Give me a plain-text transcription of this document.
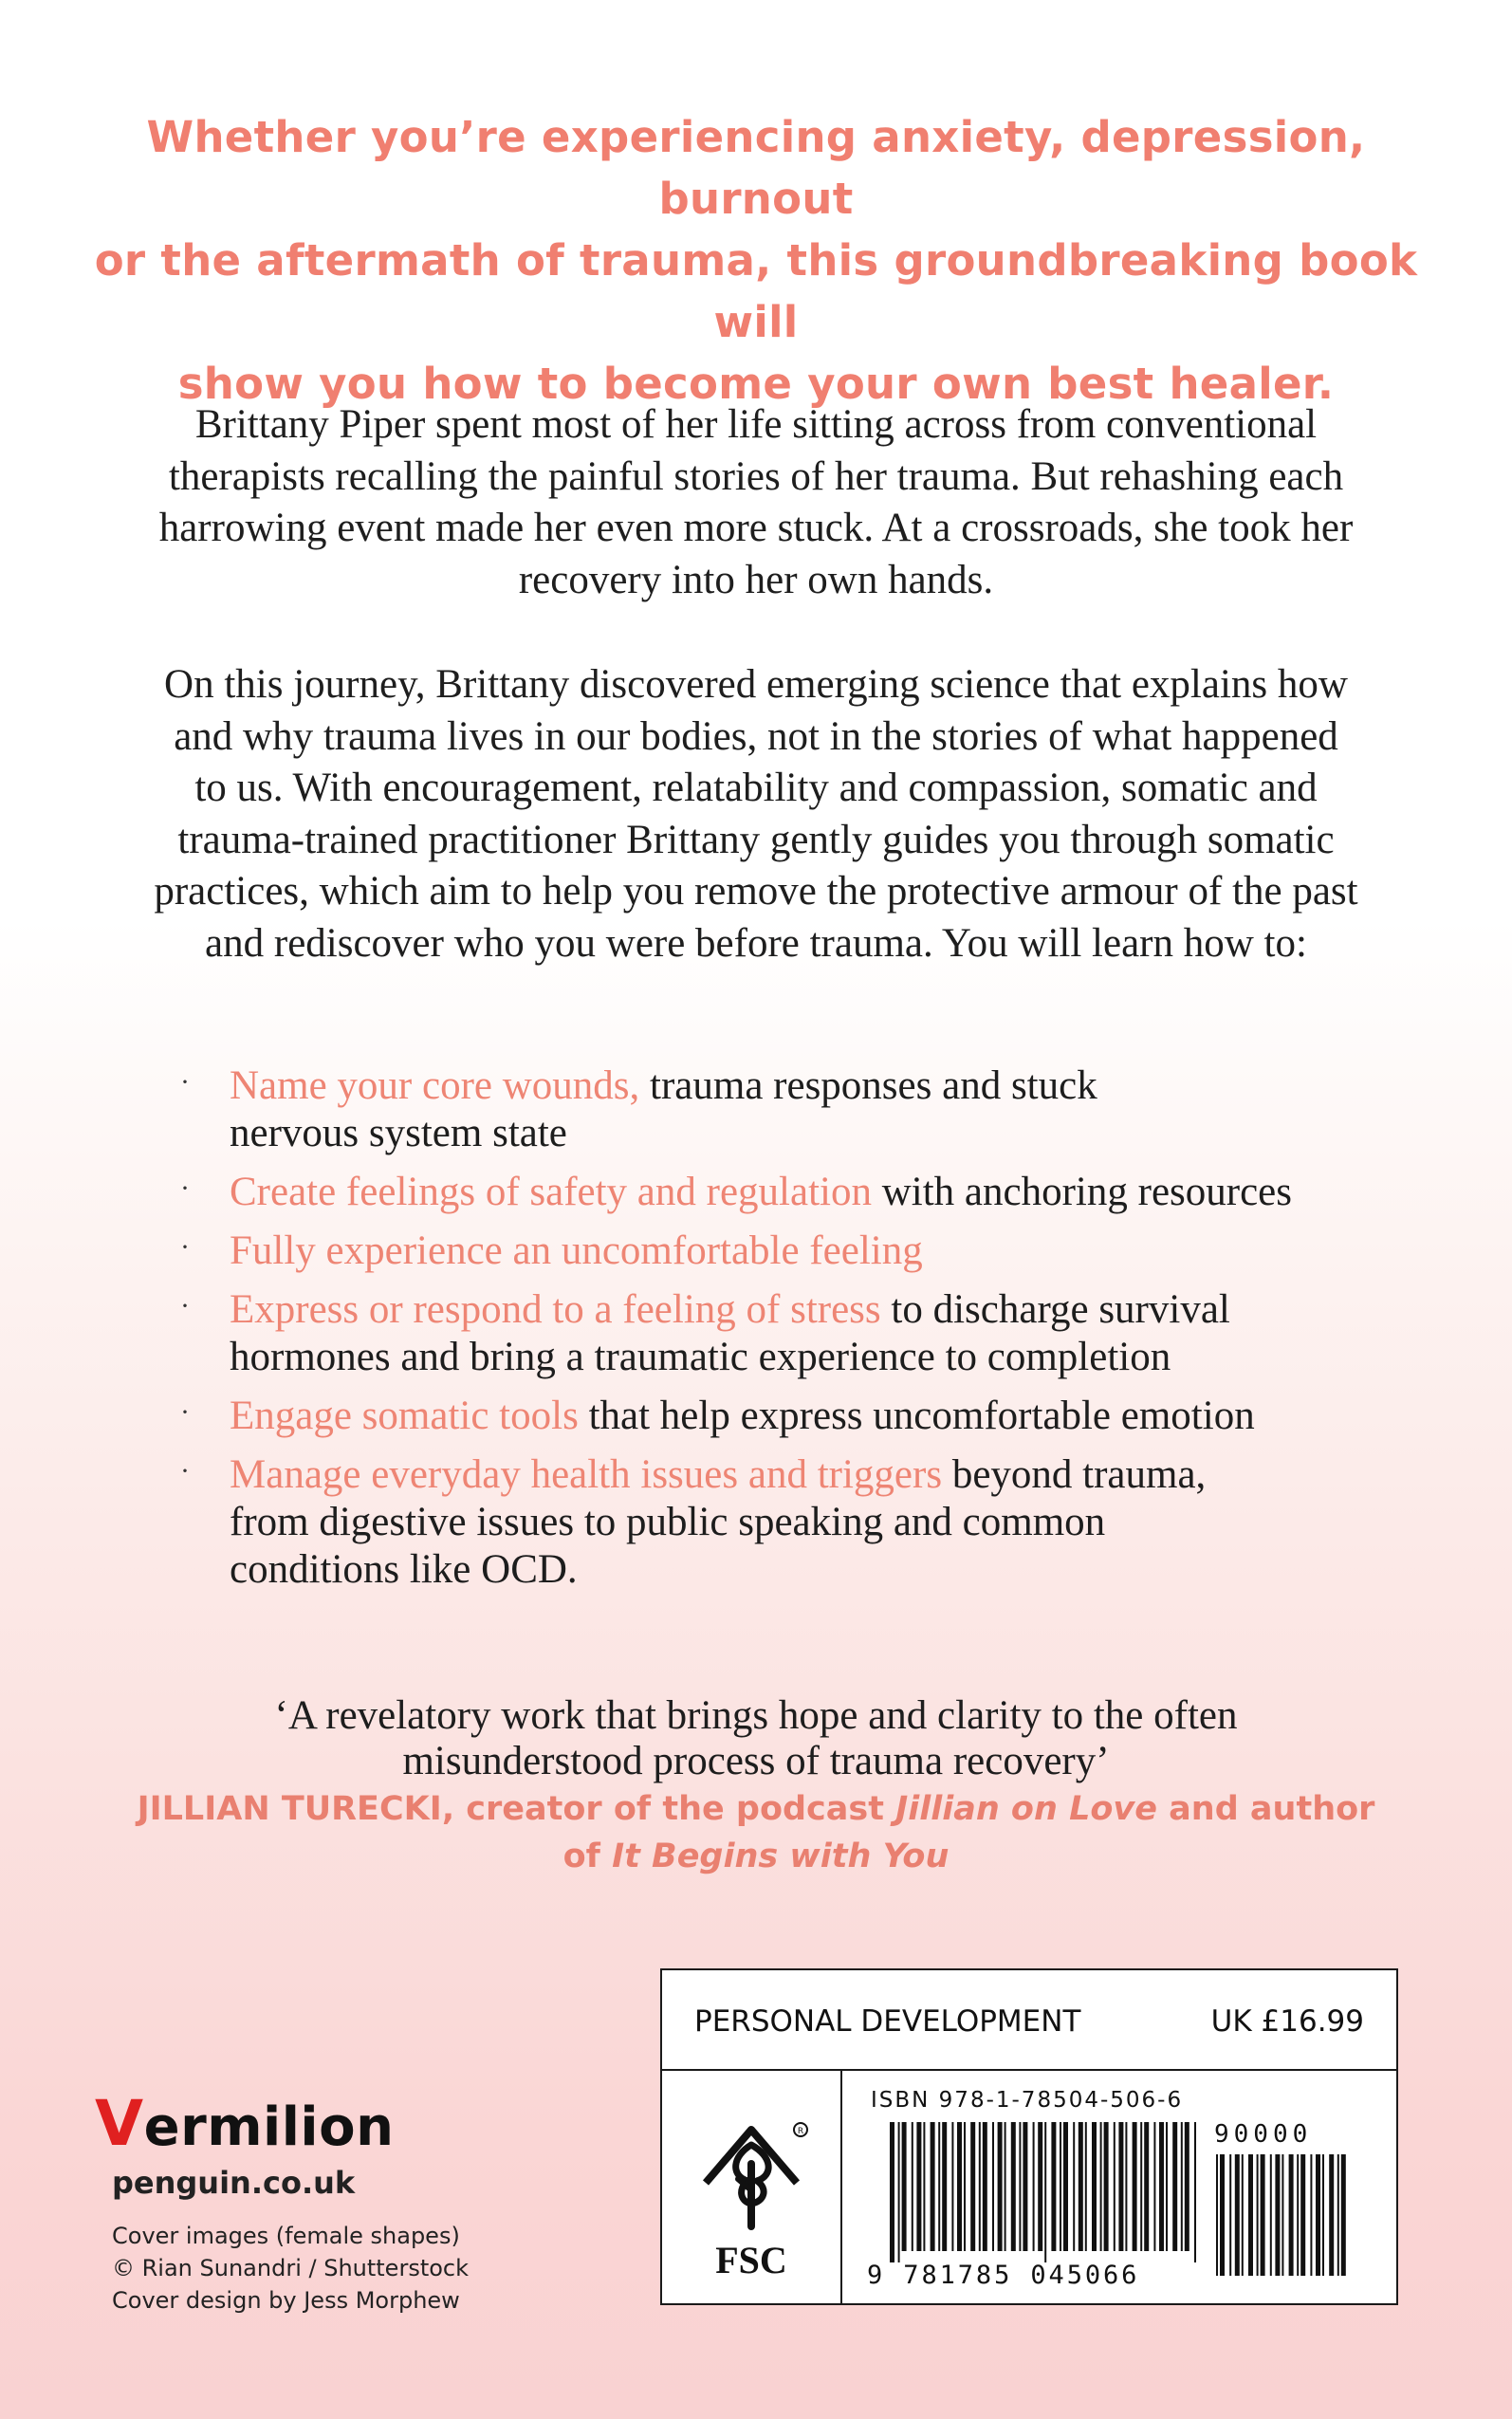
Whether you’re experiencing anxiety, depression, burnout
or the aftermath of trauma, this groundbreaking book will
show you how to become your own best healer.
Brittany Piper spent most of her life sitting across from conventional
therapists recalling the painful stories of her trauma. But rehashing each
harrowing event made her even more stuck. At a crossroads, she took her
recovery into her own hands.
On this journey, Brittany discovered emerging science that explains how
and why trauma lives in our bodies, not in the stories of what happened
to us. With encouragement, relatability and compassion, somatic and
trauma-trained practitioner Brittany gently guides you through somatic
practices, which aim to help you remove the protective armour of the past
and rediscover who you were before trauma. You will learn how to:
· Name your core wounds, trauma responses and stuck
nervous system state
· Create feelings of safety and regulation with anchoring resources
· Fully experience an uncomfortable feeling
· Express or respond to a feeling of stress to discharge survival
hormones and bring a traumatic experience to completion
· Engage somatic tools that help express uncomfortable emotion
· Manage everyday health issues and triggers beyond trauma,
from digestive issues to public speaking and common
conditions like OCD.
‘A revelatory work that brings hope and clarity to the often
misunderstood process of trauma recovery’
JILLIAN TURECKI, creator of the podcast Jillian on Love and author
of It Begins with You
Vermilion
penguin.co.uk
Cover images (female shapes)
© Rian Sunandri / Shutterstock
Cover design by Jess Morphew
PERSONAL DEVELOPMENT	UK £16.99
R
FSC
ISBN 978-1-78504-506-6
9 781785 045066
90000
